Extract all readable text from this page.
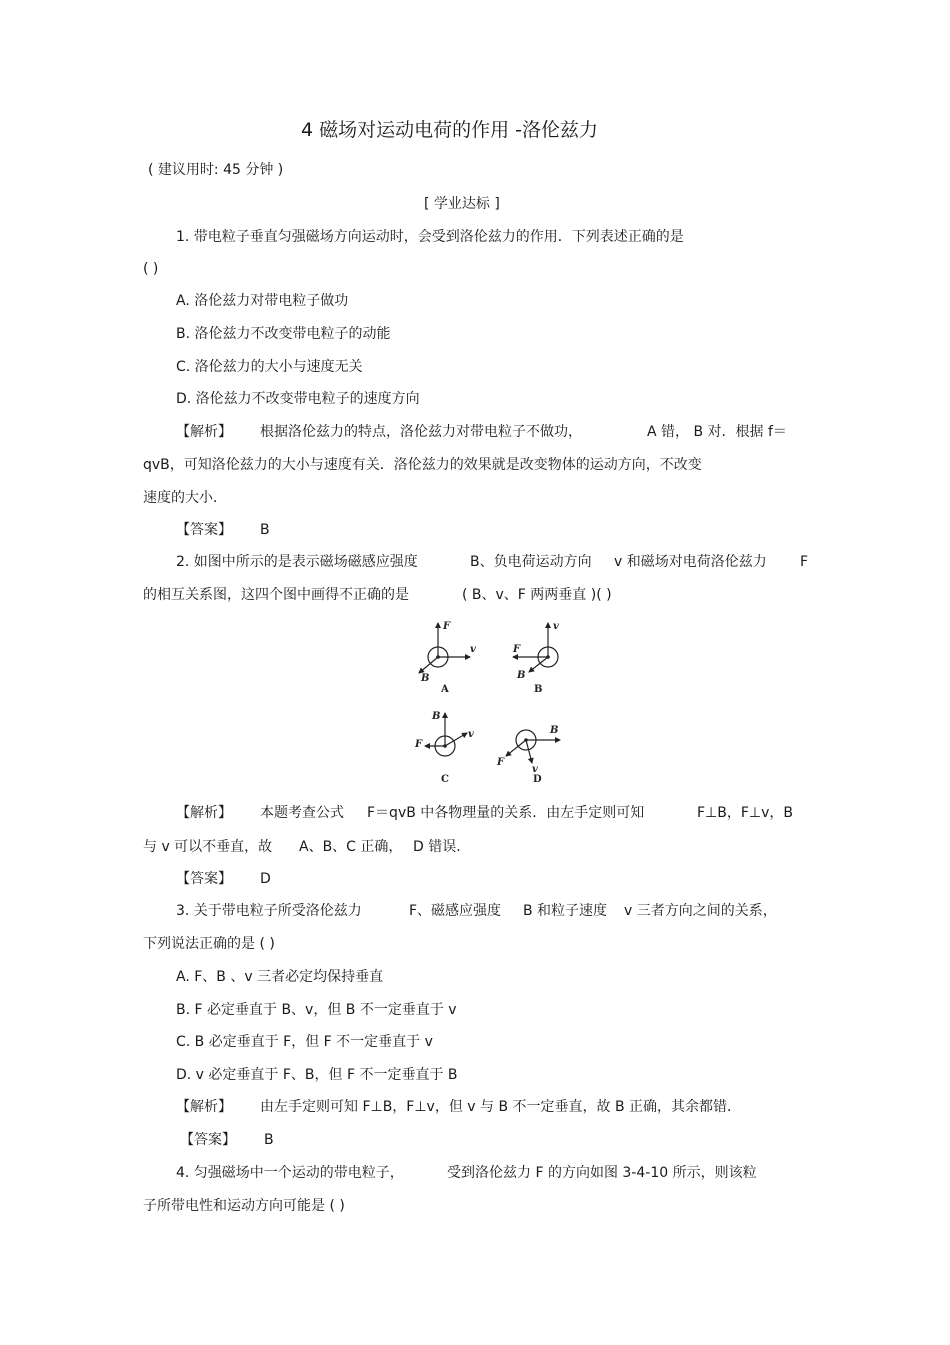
4 磁场对运动电荷的作用 -洛伦兹力
( 建议用时: 45 分钟 )
[ 学业达标 ]
1. 带电粒子垂直匀强磁场方向运动时，会受到洛伦兹力的作用．下列表述正确的是
( )
A. 洛伦兹力对带电粒子做功
B. 洛伦兹力不改变带电粒子的动能
C. 洛伦兹力的大小与速度无关
D. 洛伦兹力不改变带电粒子的速度方向
【解析】 根据洛伦兹力的特点，洛伦兹力对带电粒子不做功，	A 错， B 对．根据 f＝
qvB，可知洛伦兹力的大小与速度有关．洛伦兹力的效果就是改变物体的运动方向，不改变
速度的大小．
【答案】 B
2. 如图中所示的是表示磁场磁感应强度	B、负电荷运动方向 v 和磁场对电荷洛伦兹力 F
的相互关系图，这四个图中画得不正确的是	( B、v、F 两两垂直 )( )
F
v
B
A
v
F
B
B
B
F
v
C
B
v
F
D
【解析】 本题考查公式 F＝qvB 中各物理量的关系．由左手定则可知	F⊥B，F⊥v，B
与 v 可以不垂直，故 A、B、C 正确， D 错误．
【答案】 D
3. 关于带电粒子所受洛伦兹力	F、磁感应强度 B 和粒子速度 v 三者方向之间的关系，
下列说法正确的是 ( )
A. F、B 、v 三者必定均保持垂直
B. F 必定垂直于 B、v，但 B 不一定垂直于 v
C. B 必定垂直于 F，但 F 不一定垂直于 v
D. v 必定垂直于 F、B，但 F 不一定垂直于 B
【解析】 由左手定则可知 F⊥B，F⊥v，但 v 与 B 不一定垂直，故 B 正确，其余都错．
【答案】 B
4. 匀强磁场中一个运动的带电粒子，	受到洛伦兹力 F 的方向如图 3-4-10 所示，则该粒
子所带电性和运动方向可能是 ( )
